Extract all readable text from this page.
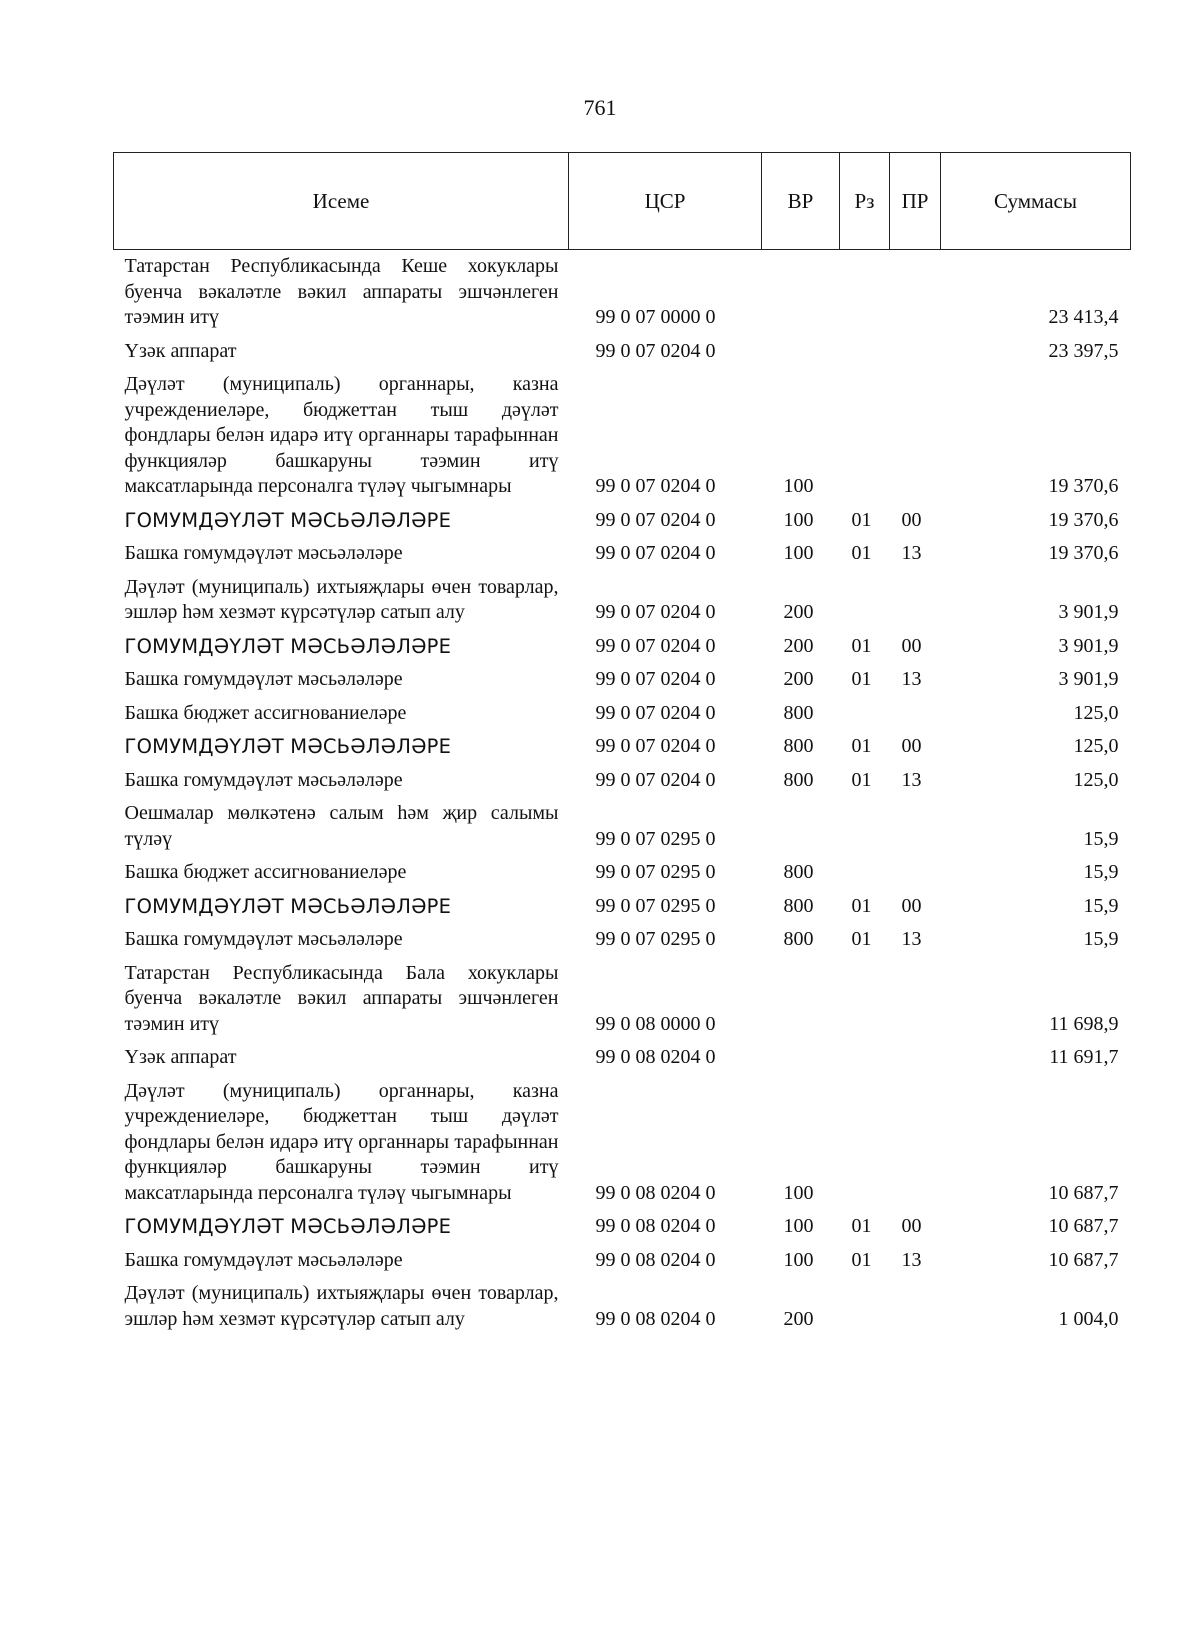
761
Исеме	ЦСР	ВР	Рз	ПР	Суммасы
Татарстан Республикасында Кеше хокуклары буенча вәкаләтле вәкил аппараты эшчәнлеген тәэмин итү	99 0 07 0000 0				23 413,4
Үзәк аппарат	99 0 07 0204 0				23 397,5
Дәүләт (муниципаль) органнары, казна учреждениеләре, бюджеттан тыш дәүләт фондлары белән идарә итү органнары тарафыннан функцияләр башкаруны тәэмин итү максатларында персоналга түләү чыгымнары	99 0 07 0204 0	100			19 370,6
ГОМУМДӘҮЛӘТ МӘСЬӘЛӘЛӘРЕ	99 0 07 0204 0	100	01	00	19 370,6
Башка гомумдәүләт мәсьәләләре	99 0 07 0204 0	100	01	13	19 370,6
Дәүләт (муниципаль) ихтыяҗлары өчен товарлар, эшләр һәм хезмәт күрсәтүләр сатып алу	99 0 07 0204 0	200			3 901,9
ГОМУМДӘҮЛӘТ МӘСЬӘЛӘЛӘРЕ	99 0 07 0204 0	200	01	00	3 901,9
Башка гомумдәүләт мәсьәләләре	99 0 07 0204 0	200	01	13	3 901,9
Башка бюджет ассигнованиеләре	99 0 07 0204 0	800			125,0
ГОМУМДӘҮЛӘТ МӘСЬӘЛӘЛӘРЕ	99 0 07 0204 0	800	01	00	125,0
Башка гомумдәүләт мәсьәләләре	99 0 07 0204 0	800	01	13	125,0
Оешмалар мөлкәтенә салым һәм җир салымы түләү	99 0 07 0295 0				15,9
Башка бюджет ассигнованиеләре	99 0 07 0295 0	800			15,9
ГОМУМДӘҮЛӘТ МӘСЬӘЛӘЛӘРЕ	99 0 07 0295 0	800	01	00	15,9
Башка гомумдәүләт мәсьәләләре	99 0 07 0295 0	800	01	13	15,9
Татарстан Республикасында Бала хокуклары буенча вәкаләтле вәкил аппараты эшчәнлеген тәэмин итү	99 0 08 0000 0				11 698,9
Үзәк аппарат	99 0 08 0204 0				11 691,7
Дәүләт (муниципаль) органнары, казна учреждениеләре, бюджеттан тыш дәүләт фондлары белән идарә итү органнары тарафыннан функцияләр башкаруны тәэмин итү максатларында персоналга түләү чыгымнары	99 0 08 0204 0	100			10 687,7
ГОМУМДӘҮЛӘТ МӘСЬӘЛӘЛӘРЕ	99 0 08 0204 0	100	01	00	10 687,7
Башка гомумдәүләт мәсьәләләре	99 0 08 0204 0	100	01	13	10 687,7
Дәүләт (муниципаль) ихтыяҗлары өчен товарлар, эшләр һәм хезмәт күрсәтүләр сатып алу	99 0 08 0204 0	200			1 004,0
